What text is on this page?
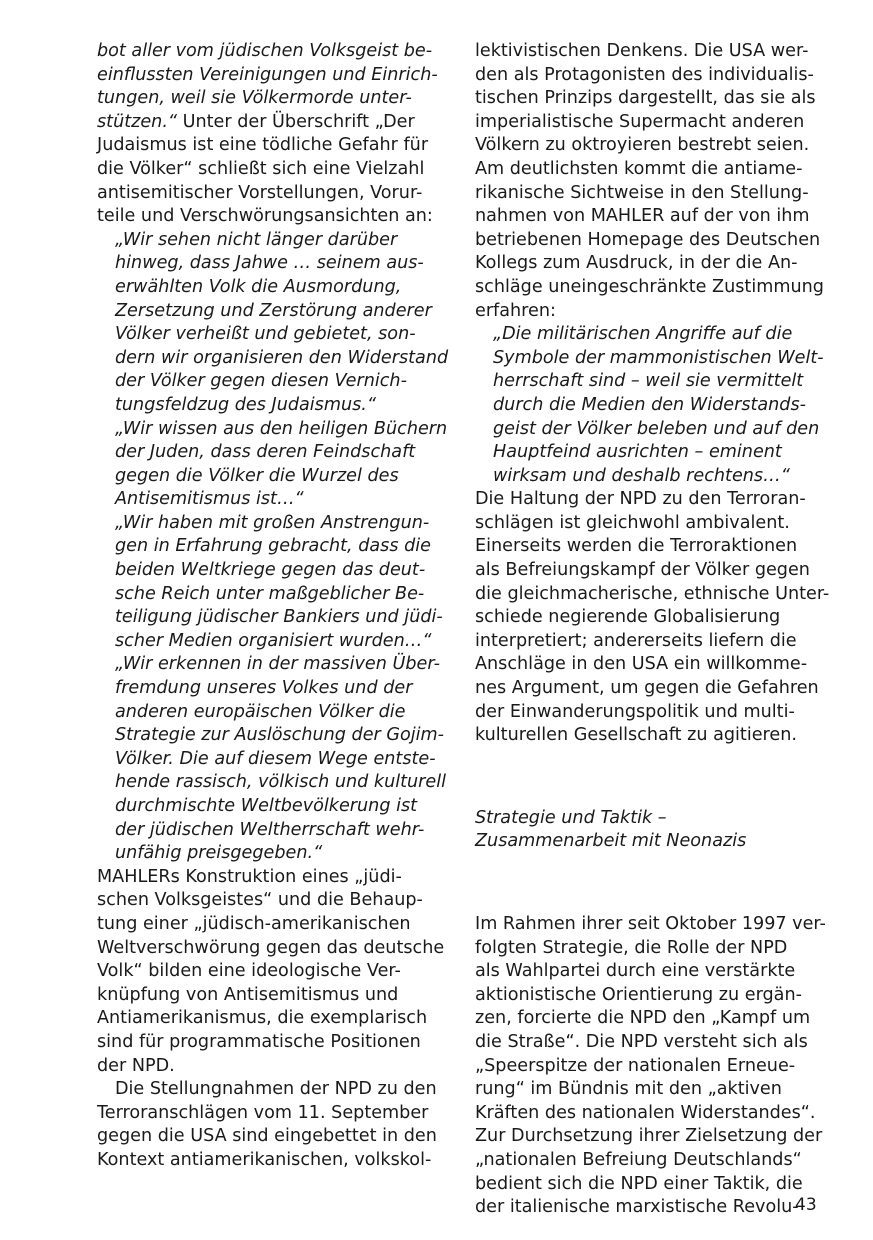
bot aller vom jüdischen Volksgeist be-
einflussten Vereinigungen und Einrich-
tungen, weil sie Völkermorde unter-
stützen.“ Unter der Überschrift „Der
Judaismus ist eine tödliche Gefahr für
die Völker“ schließt sich eine Vielzahl
antisemitischer Vorstellungen, Vorur-
teile und Verschwörungsansichten an:
„Wir sehen nicht länger darüber
hinweg, dass Jahwe … seinem aus-
erwählten Volk die Ausmordung,
Zersetzung und Zerstörung anderer
Völker verheißt und gebietet, son-
dern wir organisieren den Widerstand
der Völker gegen diesen Vernich-
tungsfeldzug des Judaismus.“
„Wir wissen aus den heiligen Büchern
der Juden, dass deren Feindschaft
gegen die Völker die Wurzel des
Antisemitismus ist…“
„Wir haben mit großen Anstrengun-
gen in Erfahrung gebracht, dass die
beiden Weltkriege gegen das deut-
sche Reich unter maßgeblicher Be-
teiligung jüdischer Bankiers und jüdi-
scher Medien organisiert wurden…“
„Wir erkennen in der massiven Über-
fremdung unseres Volkes und der
anderen europäischen Völker die
Strategie zur Auslöschung der Gojim-
Völker. Die auf diesem Wege entste-
hende rassisch, völkisch und kulturell
durchmischte Weltbevölkerung ist
der jüdischen Weltherrschaft wehr-
unfähig preisgegeben.“
MAHLERs Konstruktion eines „jüdi-
schen Volksgeistes“ und die Behaup-
tung einer „jüdisch-amerikanischen
Weltverschwörung gegen das deutsche
Volk“ bilden eine ideologische Ver-
knüpfung von Antisemitismus und
Antiamerikanismus, die exemplarisch
sind für programmatische Positionen
der NPD.
Die Stellungnahmen der NPD zu den
Terroranschlägen vom 11. September
gegen die USA sind eingebettet in den
Kontext antiamerikanischen, volkskol-
lektivistischen Denkens. Die USA wer-
den als Protagonisten des individualis-
tischen Prinzips dargestellt, das sie als
imperialistische Supermacht anderen
Völkern zu oktroyieren bestrebt seien.
Am deutlichsten kommt die antiame-
rikanische Sichtweise in den Stellung-
nahmen von MAHLER auf der von ihm
betriebenen Homepage des Deutschen
Kollegs zum Ausdruck, in der die An-
schläge uneingeschränkte Zustimmung
erfahren:
„Die militärischen Angriffe auf die
Symbole der mammonistischen Welt-
herrschaft sind – weil sie vermittelt
durch die Medien den Widerstands-
geist der Völker beleben und auf den
Hauptfeind ausrichten – eminent
wirksam und deshalb rechtens…“
Die Haltung der NPD zu den Terroran-
schlägen ist gleichwohl ambivalent.
Einerseits werden die Terroraktionen
als Befreiungskampf der Völker gegen
die gleichmacherische, ethnische Unter-
schiede negierende Globalisierung
interpretiert; andererseits liefern die
Anschläge in den USA ein willkomme-
nes Argument, um gegen die Gefahren
der Einwanderungspolitik und multi-
kulturellen Gesellschaft zu agitieren.
Strategie und Taktik –
Zusammenarbeit mit Neonazis
Im Rahmen ihrer seit Oktober 1997 ver-
folgten Strategie, die Rolle der NPD
als Wahlpartei durch eine verstärkte
aktionistische Orientierung zu ergän-
zen, forcierte die NPD den „Kampf um
die Straße“. Die NPD versteht sich als
„Speerspitze der nationalen Erneue-
rung“ im Bündnis mit den „aktiven
Kräften des nationalen Widerstandes“.
Zur Durchsetzung ihrer Zielsetzung der
„nationalen Befreiung Deutschlands“
bedient sich die NPD einer Taktik, die
der italienische marxistische Revolu-
43
